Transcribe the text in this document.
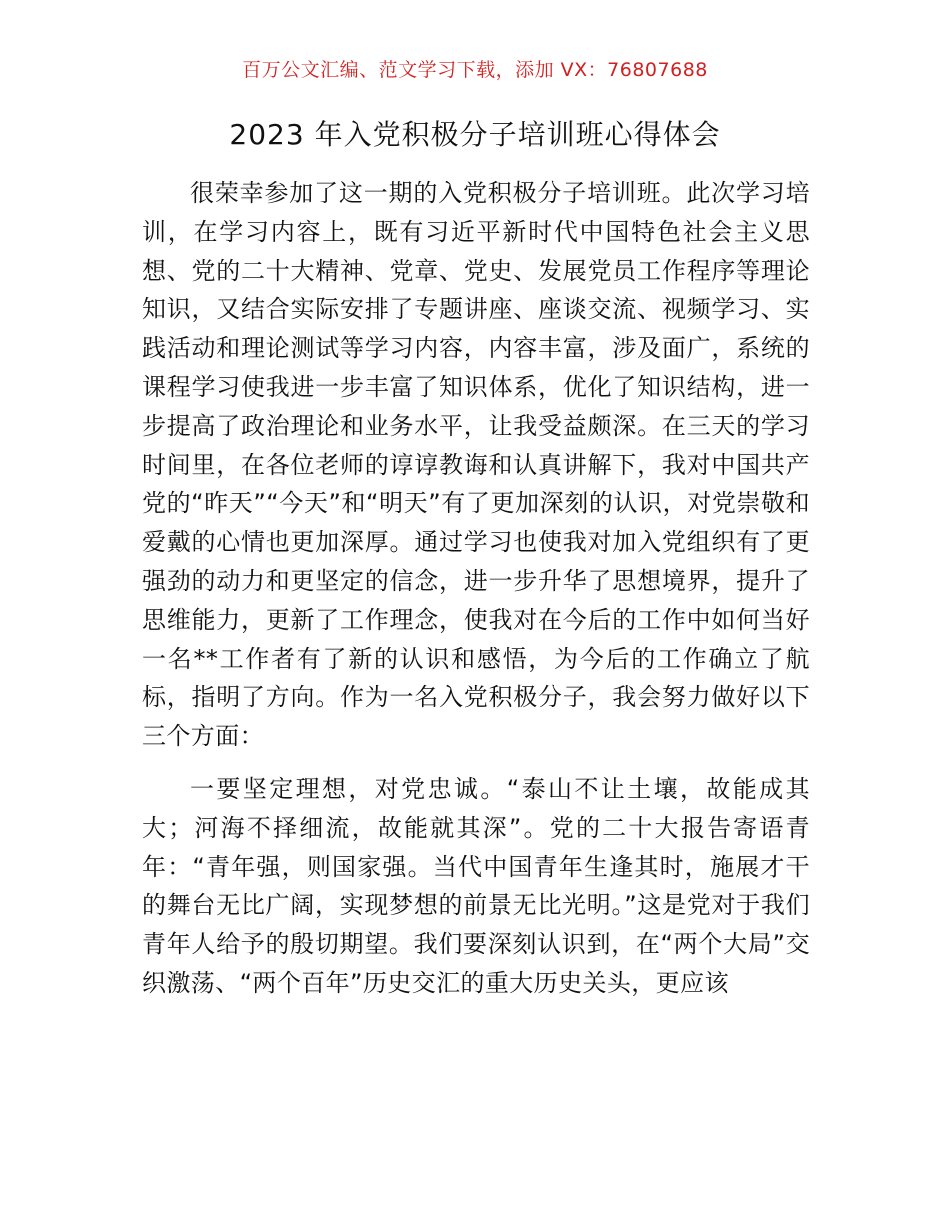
百万公文汇编、范文学习下载，添加 VX：76807688
2023 年入党积极分子培训班心得体会

很荣幸参加了这一期的入党积极分子培训班。此次学习培训，在学习内容上，既有习近平新时代中国特色社会主义思想、党的二十大精神、党章、党史、发展党员工作程序等理论知识，又结合实际安排了专题讲座、座谈交流、视频学习、实践活动和理论测试等学习内容，内容丰富，涉及面广，系统的课程学习使我进一步丰富了知识体系，优化了知识结构，进一步提高了政治理论和业务水平，让我受益颇深。在三天的学习时间里，在各位老师的谆谆教诲和认真讲解下，我对中国共产党的“昨天”“今天”和“明天”有了更加深刻的认识，对党崇敬和爱戴的心情也更加深厚。通过学习也使我对加入党组织有了更强劲的动力和更坚定的信念，进一步升华了思想境界，提升了思维能力，更新了工作理念，使我对在今后的工作中如何当好一名**工作者有了新的认识和感悟，为今后的工作确立了航标，指明了方向。作为一名入党积极分子，我会努力做好以下三个方面：

一要坚定理想，对党忠诚。“泰山不让土壤，故能成其大；河海不择细流，故能就其深”。党的二十大报告寄语青年：“青年强，则国家强。当代中国青年生逢其时，施展才干的舞台无比广阔，实现梦想的前景无比光明。”这是党对于我们青年人给予的殷切期望。我们要深刻认识到，在“两个大局”交织激荡、“两个百年”历史交汇的重大历史关头，更应该
